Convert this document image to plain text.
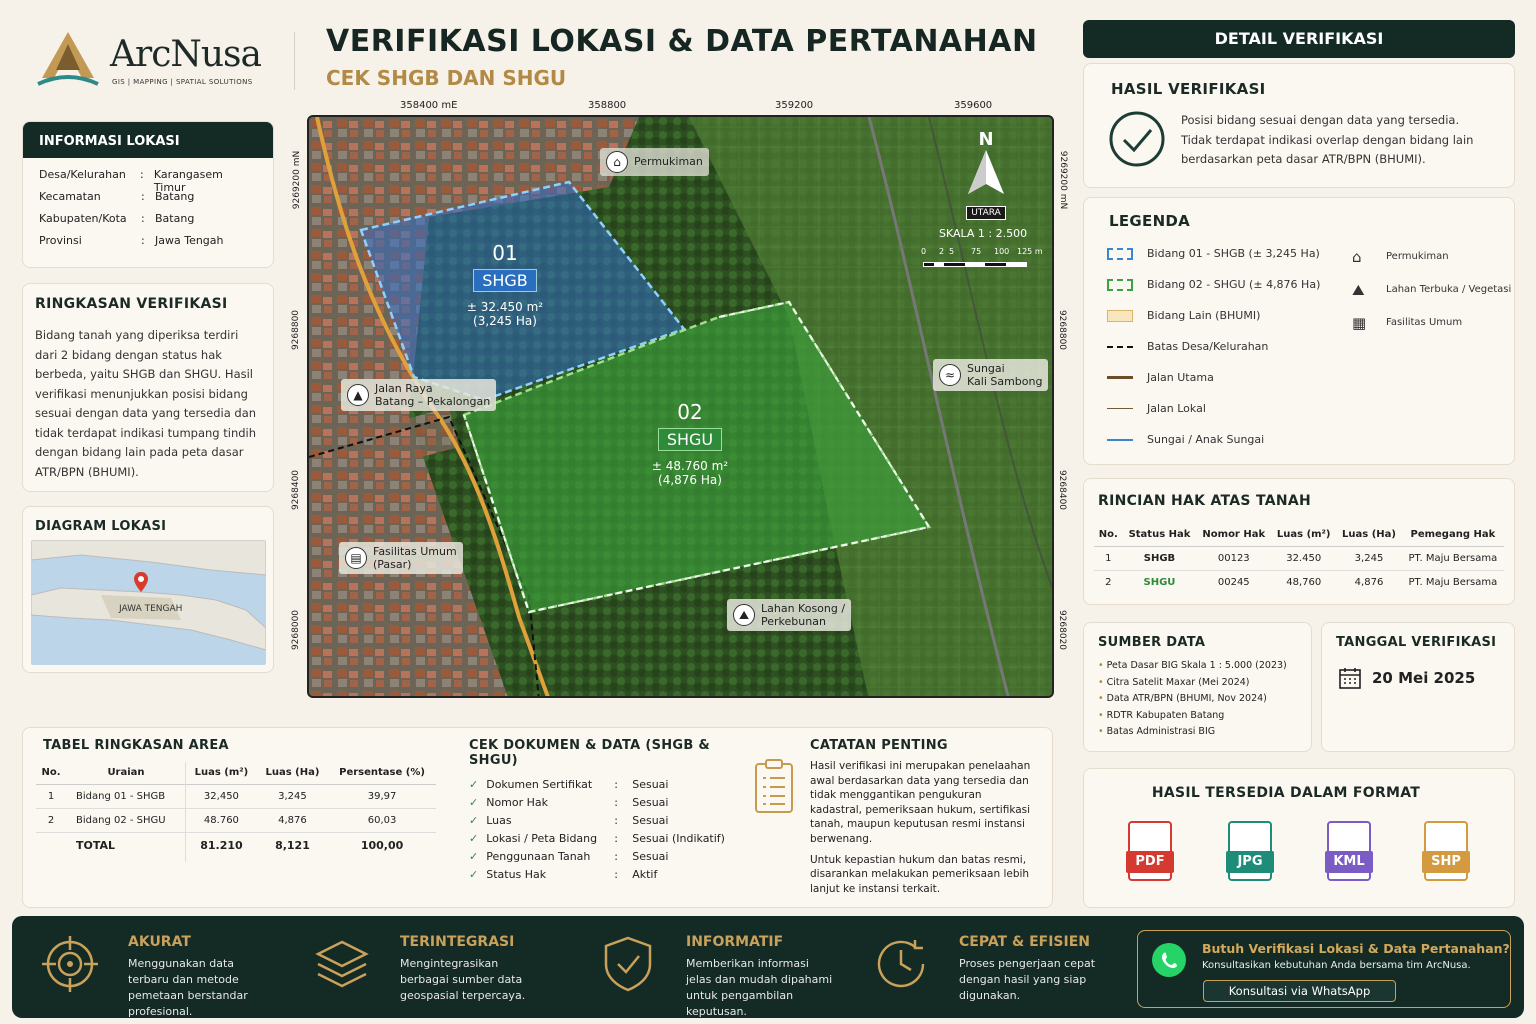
ArcNusa
GIS | MAPPING | SPATIAL SOLUTIONS
VERIFIKASI LOKASI & DATA PERTANAHAN
CEK SHGB DAN SHGU
INFORMASI LOKASI
Desa/Kelurahan	: Karangasem Timur
Kecamatan	: Batang
Kabupaten/Kota	: Batang
Provinsi	: Jawa Tengah
RINGKASAN VERIFIKASI
Bidang tanah yang diperiksa terdiri dari 2 bidang dengan status hak berbeda, yaitu SHGB dan SHGU. Hasil verifikasi menunjukkan posisi bidang sesuai dengan data yang tersedia dan tidak terdapat indikasi tumpang tindih dengan bidang lain pada peta dasar ATR/BPN (BHUMI).
DIAGRAM LOKASI
JAWA TENGAH
358400 mE	358800	359200	359600
9269200 mN
9268800
9268400
9268000
9269200 mN
9268800
9268400
9268020
01
SHGB
± 32.450 m²
(3,245 Ha)
02
SHGU
± 48.760 m²
(4,876 Ha)
⌂ Permukiman
▲	Jalan Raya
Batang – Pekalongan
≈	Sungai
Kali Sambong
▤	Fasilitas Umum
(Pasar)
⛰	Lahan Kosong /
Perkebunan
N
UTARA
SKALA 1 : 2.500
0 2 5 75 100 125 m
DETAIL VERIFIKASI
HASIL VERIFIKASI
Posisi bidang sesuai dengan data yang tersedia. Tidak terdapat indikasi overlap dengan bidang lain berdasarkan peta dasar ATR/BPN (BHUMI).
LEGENDA
Bidang 01 - SHGB (± 3,245 Ha)
Bidang 02 - SHGU (± 4,876 Ha)
Bidang Lain (BHUMI)
Batas Desa/Kelurahan
Jalan Utama
Jalan Lokal
Sungai / Anak Sungai
⌂	Permukiman
⛰	Lahan Terbuka / Vegetasi
▦	Fasilitas Umum
RINCIAN HAK ATAS TANAH
No.	Status Hak	Nomor Hak	Luas (m²)	Luas (Ha)	Pemegang Hak
1	SHGB	00123	32.450	3,245	PT. Maju Bersama
2	SHGU	00245	48,760	4,876	PT. Maju Bersama
SUMBER DATA
• Peta Dasar BIG Skala 1 : 5.000 (2023)
• Citra Satelit Maxar (Mei 2024)
• Data ATR/BPN (BHUMI, Nov 2024)
• RDTR Kabupaten Batang
• Batas Administrasi BIG
TANGGAL VERIFIKASI
20 Mei 2025
HASIL TERSEDIA DALAM FORMAT
PDF	JPG	KML	SHP
TABEL RINGKASAN AREA
No.	Uraian	Luas (m²)	Luas (Ha)	Persentase (%)
1	Bidang 01 - SHGB	32,450	3,245	39,97
2	Bidang 02 - SHGU	48.760	4,876	60,03
	TOTAL	81.210	8,121	100,00
CEK DOKUMEN & DATA (SHGB & SHGU)
✓ Dokumen Sertifikat	:	Sesuai
✓ Nomor Hak	:	Sesuai
✓ Luas	:	Sesuai
✓ Lokasi / Peta Bidang	:	Sesuai (Indikatif)
✓ Penggunaan Tanah	:	Sesuai
✓ Status Hak	:	Aktif
CATATAN PENTING
Hasil verifikasi ini merupakan penelaahan awal berdasarkan data yang tersedia dan tidak menggantikan pengukuran kadastral, pemeriksaan hukum, sertifikasi tanah, maupun keputusan resmi instansi berwenang.
Untuk kepastian hukum dan batas resmi, disarankan melakukan pemeriksaan lebih lanjut ke instansi terkait.
AKURAT
Menggunakan data terbaru dan metode pemetaan berstandar profesional.
TERINTEGRASI
Mengintegrasikan berbagai sumber data geospasial terpercaya.
INFORMATIF
Memberikan informasi jelas dan mudah dipahami untuk pengambilan keputusan.
CEPAT & EFISIEN
Proses pengerjaan cepat dengan hasil yang siap digunakan.
Butuh Verifikasi Lokasi & Data Pertanahan?
Konsultasikan kebutuhan Anda bersama tim ArcNusa.
Konsultasi via WhatsApp
